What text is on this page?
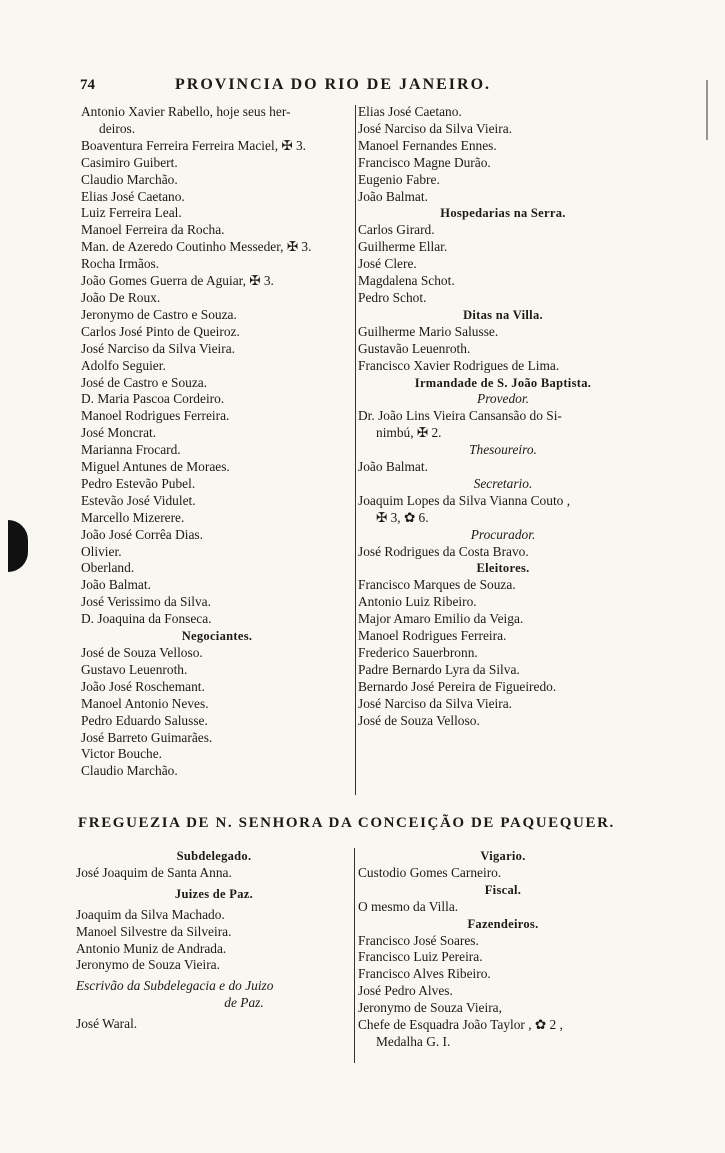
74	PROVINCIA DO RIO DE JANEIRO.
Antonio Xavier Rabello, hoje seus her-
deiros.
Boaventura Ferreira Ferreira Maciel, ✠ 3.
Casimiro Guibert.
Claudio Marchão.
Elias José Caetano.
Luiz Ferreira Leal.
Manoel Ferreira da Rocha.
Man. de Azeredo Coutinho Messeder, ✠ 3.
Rocha Irmãos.
João Gomes Guerra de Aguiar, ✠ 3.
João De Roux.
Jeronymo de Castro e Souza.
Carlos José Pinto de Queiroz.
José Narciso da Silva Vieira.
Adolfo Seguier.
José de Castro e Souza.
D. Maria Pascoa Cordeiro.
Manoel Rodrigues Ferreira.
José Moncrat.
Marianna Frocard.
Miguel Antunes de Moraes.
Pedro Estevão Pubel.
Estevão José Vidulet.
Marcello Mizerere.
João José Corrêa Dias.
Olivier.
Oberland.
João Balmat.
José Verissimo da Silva.
D. Joaquina da Fonseca.
Negociantes.
José de Souza Velloso.
Gustavo Leuenroth.
João José Roschemant.
Manoel Antonio Neves.
Pedro Eduardo Salusse.
José Barreto Guimarães.
Victor Bouche.
Claudio Marchão.
Elias José Caetano.
José Narciso da Silva Vieira.
Manoel Fernandes Ennes.
Francisco Magne Durão.
Eugenio Fabre.
João Balmat.
Hospedarias na Serra.
Carlos Girard.
Guilherme Ellar.
José Clere.
Magdalena Schot.
Pedro Schot.
Ditas na Villa.
Guilherme Mario Salusse.
Gustavão Leuenroth.
Francisco Xavier Rodrigues de Lima.
Irmandade de S. João Baptista.
Provedor.
Dr. João Lins Vieira Cansansão do Si-
nimbú, ✠ 2.
Thesoureiro.
João Balmat.
Secretario.
Joaquim Lopes da Silva Vianna Couto ,
✠ 3, ✿ 6.
Procurador.
José Rodrigues da Costa Bravo.
Eleitores.
Francisco Marques de Souza.
Antonio Luiz Ribeiro.
Major Amaro Emilio da Veiga.
Manoel Rodrigues Ferreira.
Frederico Sauerbronn.
Padre Bernardo Lyra da Silva.
Bernardo José Pereira de Figueiredo.
José Narciso da Silva Vieira.
José de Souza Velloso.
FREGUEZIA DE N. SENHORA DA CONCEIÇÃO DE PAQUEQUER.
Subdelegado.
José Joaquim de Santa Anna.
Juizes de Paz.
Joaquim da Silva Machado.
Manoel Silvestre da Silveira.
Antonio Muniz de Andrada.
Jeronymo de Souza Vieira.
Escrivão da Subdelegacia e do Juizo
de Paz.
José Waral.
Vigario.
Custodio Gomes Carneiro.
Fiscal.
O mesmo da Villa.
Fazendeiros.
Francisco José Soares.
Francisco Luiz Pereira.
Francisco Alves Ribeiro.
José Pedro Alves.
Jeronymo de Souza Vieira,
Chefe de Esquadra João Taylor , ✿ 2 ,
Medalha G. I.
